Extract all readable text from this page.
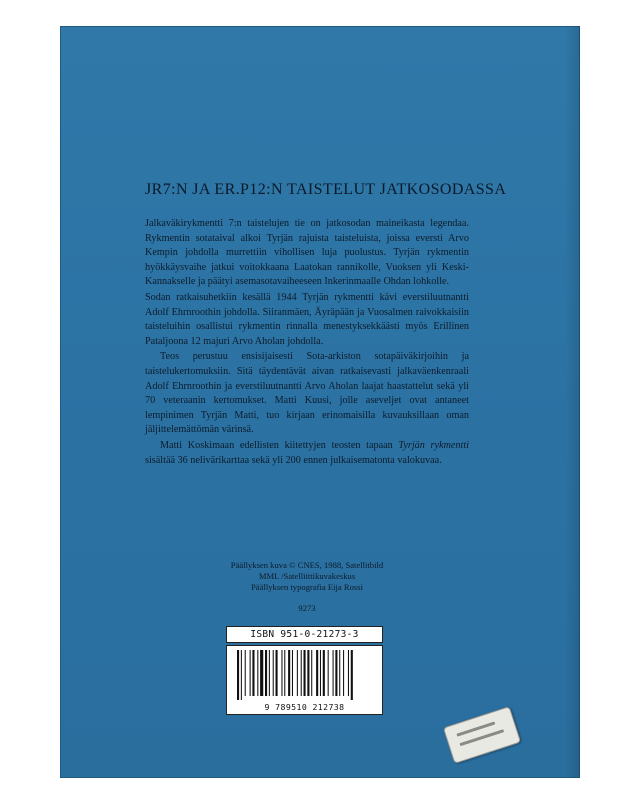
JR7:N JA ER.P12:N TAISTELUT JATKOSODASSA

Jalkaväkirykmentti 7:n taistelujen tie on jatkosodan maineikasta legendaa. Rykmentin sotataival alkoi Tyrjän rajuista taisteluista, joissa eversti Arvo Kempin johdolla murrettiin vihollisen luja puolustus. Tyrjän rykmentin hyökkäysvaihe jatkui voitokkaana Laatokan rannikolle, Vuoksen yli Keski-Kannakselle ja päätyi asemasotavaiheeseen Inkerinmaalle Ohdan lohkolle.

Sodan ratkaisuhetkiin kesällä 1944 Tyrjän rykmentti kävi everstiluutnantti Adolf Ehrnroothin johdolla. Siiranmäen, Äyräpään ja Vuosalmen raivokkaisiin taisteluihin osallistui rykmentin rinnalla menestyksekkäästi myös Erillinen Pataljoona 12 majuri Arvo Aholan johdolla.

Teos perustuu ensisijaisesti Sota-arkiston sotapäiväkirjoihin ja taistelukertomuksiin. Sitä täydentävät aivan ratkaisevasti jalkaväenkenraali Adolf Ehrnroothin ja everstiluutnantti Arvo Aholan laajat haastattelut sekä yli 70 veteraanin kertomukset. Matti Kuusi, jolle aseveljet ovat antaneet lempinimen Tyrjän Matti, tuo kirjaan erinomaisilla kuvauksillaan oman jäljittelemättömän värinsä.

Matti Koskimaan edellisten kiitettyjen teosten tapaan Tyrjän rykmentti sisältää 36 nelivärikarttaa sekä yli 200 ennen julkaisematonta valokuvaa.

Päällyksen kuva © CNES, 1988, Satellitbild
MML /Satelliittikuvakeskus
Päällyksen typografia Eija Rossi
9273
ISBN 951-0-21273-3
9 789510 212738
